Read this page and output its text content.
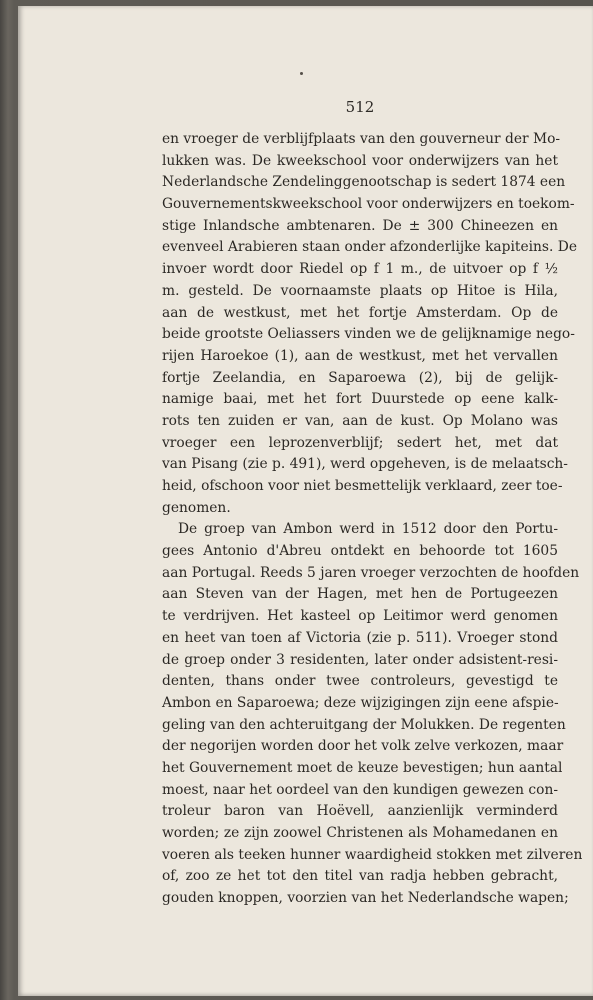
512
en vroeger de verblijfplaats van den gouverneur der Mo-
lukken was. De kweekschool voor onderwijzers van het
Nederlandsche Zendelinggenootschap is sedert 1874 een
Gouvernementskweekschool voor onderwijzers en toekom-
stige Inlandsche ambtenaren. De ± 300 Chineezen en
evenveel Arabieren staan onder afzonderlijke kapiteins. De
invoer wordt door Riedel op f 1 m., de uitvoer op f ½
m. gesteld. De voornaamste plaats op Hitoe is Hila,
aan de westkust, met het fortje Amsterdam. Op de
beide grootste Oeliassers vinden we de gelijknamige nego-
rijen Haroekoe (1), aan de westkust, met het vervallen
fortje Zeelandia, en Saparoewa (2), bij de gelijk-
namige baai, met het fort Duurstede op eene kalk-
rots ten zuiden er van, aan de kust. Op Molano was
vroeger een leprozenverblijf; sedert het, met dat
van Pisang (zie p. 491), werd opgeheven, is de melaatsch-
heid, ofschoon voor niet besmettelijk verklaard, zeer toe-
genomen.
De groep van Ambon werd in 1512 door den Portu-
gees Antonio d'Abreu ontdekt en behoorde tot 1605
aan Portugal. Reeds 5 jaren vroeger verzochten de hoofden
aan Steven van der Hagen, met hen de Portugeezen
te verdrijven. Het kasteel op Leitimor werd genomen
en heet van toen af Victoria (zie p. 511). Vroeger stond
de groep onder 3 residenten, later onder adsistent-resi-
denten, thans onder twee controleurs, gevestigd te
Ambon en Saparoewa; deze wijzigingen zijn eene afspie-
geling van den achteruitgang der Molukken. De regenten
der negorijen worden door het volk zelve verkozen, maar
het Gouvernement moet de keuze bevestigen; hun aantal
moest, naar het oordeel van den kundigen gewezen con-
troleur baron van Hoëvell, aanzienlijk verminderd
worden; ze zijn zoowel Christenen als Mohamedanen en
voeren als teeken hunner waardigheid stokken met zilveren
of, zoo ze het tot den titel van radja hebben gebracht,
gouden knoppen, voorzien van het Nederlandsche wapen;
